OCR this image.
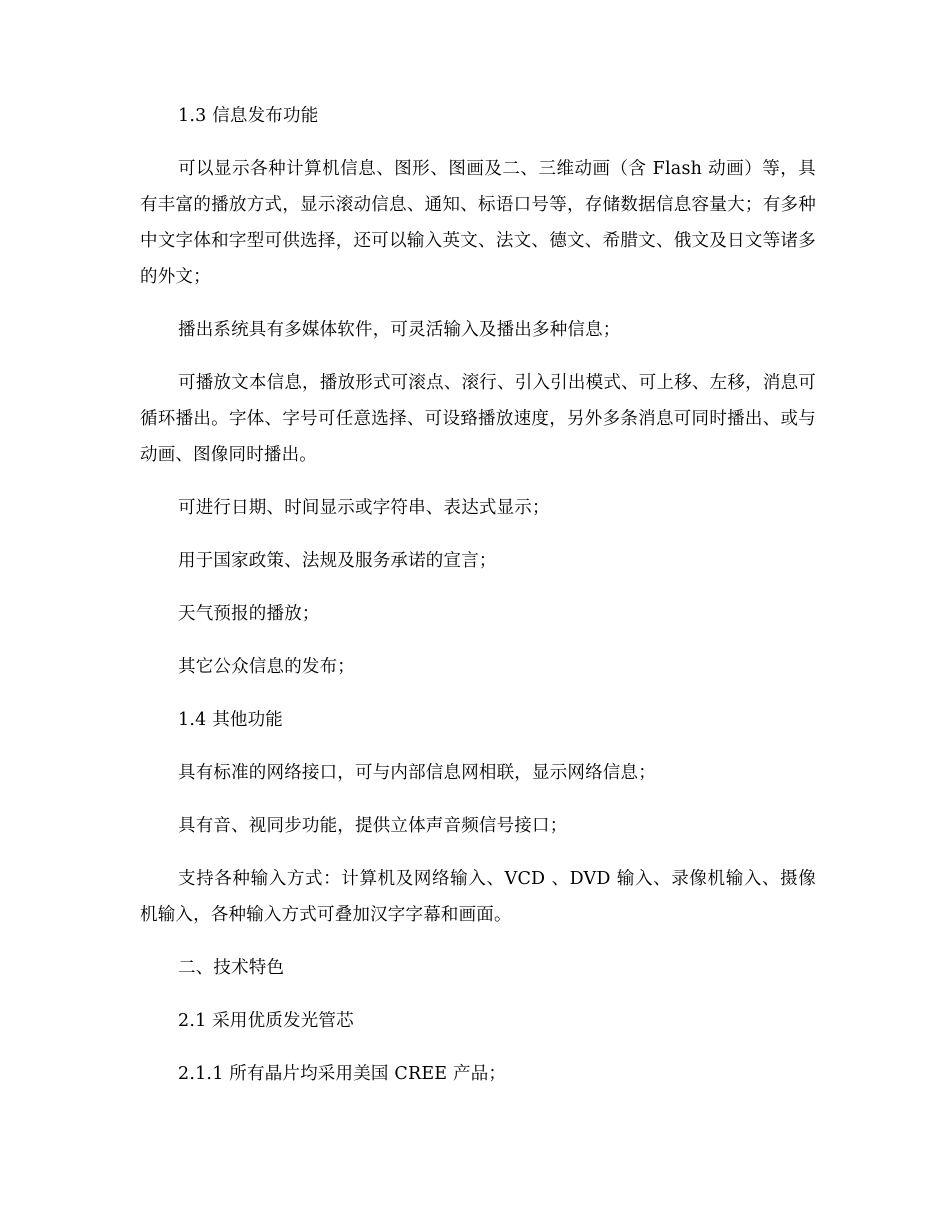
1.3 信息发布功能

可以显示各种计算机信息、图形、图画及二、三维动画（含 Flash 动画）等，具有丰富的播放方式，显示滚动信息、通知、标语口号等，存储数据信息容量大；有多种中文字体和字型可供选择，还可以输入英文、法文、德文、希腊文、俄文及日文等诸多的外文；

播出系统具有多媒体软件，可灵活输入及播出多种信息；

可播放文本信息，播放形式可滚点、滚行、引入引出模式、可上移、左移，消息可循环播出。字体、字号可任意选择、可设臵播放速度，另外多条消息可同时播出、或与动画、图像同时播出。

可进行日期、时间显示或字符串、表达式显示；

用于国家政策、法规及服务承诺的宣言；

天气预报的播放；

其它公众信息的发布；

1.4 其他功能

具有标准的网络接口，可与内部信息网相联，显示网络信息；

具有音、视同步功能，提供立体声音频信号接口；

支持各种输入方式：计算机及网络输入、VCD 、DVD 输入、录像机输入、摄像机输入，各种输入方式可叠加汉字字幕和画面。

二、技术特色

2.1 采用优质发光管芯

2.1.1 所有晶片均采用美国 CREE 产品；
